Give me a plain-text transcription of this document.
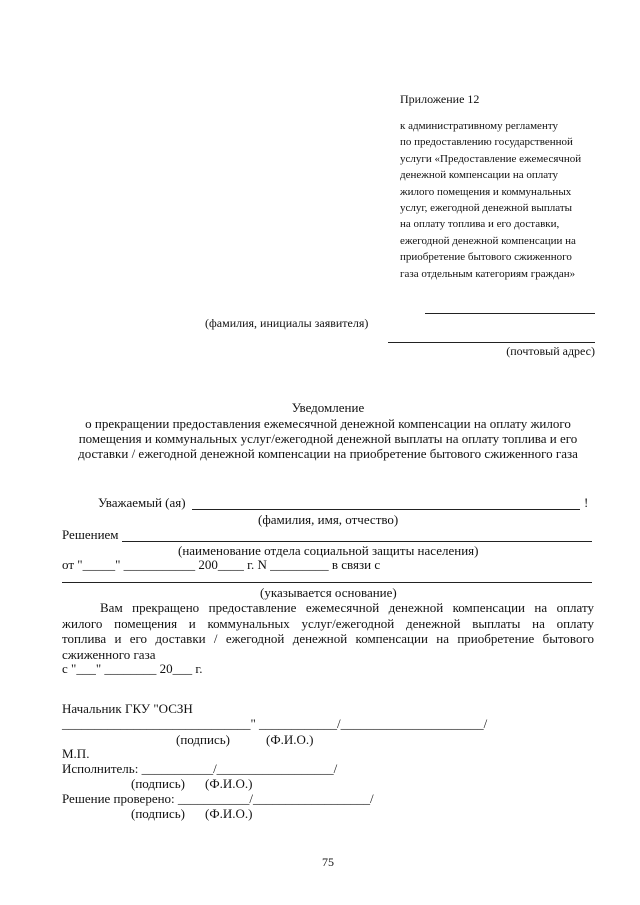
Приложение 12
к административному регламенту
по предоставлению государственной
услуги «Предоставление ежемесячной
денежной компенсации на оплату
жилого помещения и коммунальных
услуг, ежегодной денежной выплаты
на оплату топлива и его доставки,
ежегодной денежной компенсации на
приобретение бытового сжиженного
газа отдельным категориям граждан»
(фамилия, инициалы заявителя)
(почтовый адрес)
Уведомление
о прекращении предоставления ежемесячной денежной компенсации на оплату жилого
помещения и коммунальных услуг/ежегодной денежной выплаты на оплату топлива и его
доставки / ежегодной денежной компенсации на приобретение бытового сжиженного газа
Уважаемый (ая)	!
(фамилия, имя, отчество)
Решением
(наименование отдела социальной защиты населения)
от "_____" ___________ 200____ г. N _________ в связи с
(указывается основание)
Вам прекращено предоставление ежемесячной денежной компенсации на оплату
жилого помещения и коммунальных услуг/ежегодной денежной выплаты на оплату
топлива и его доставки / ежегодной денежной компенсации на приобретение бытового
сжиженного газа
с "___" ________ 20___ г.
Начальник ГКУ "ОСЗН
_____________________________" ____________/______________________/
(подпись)	(Ф.И.О.)
М.П.
Исполнитель: ___________/__________________/
(подпись) (Ф.И.О.)
Решение проверено: ___________/__________________/
(подпись) (Ф.И.О.)
75
